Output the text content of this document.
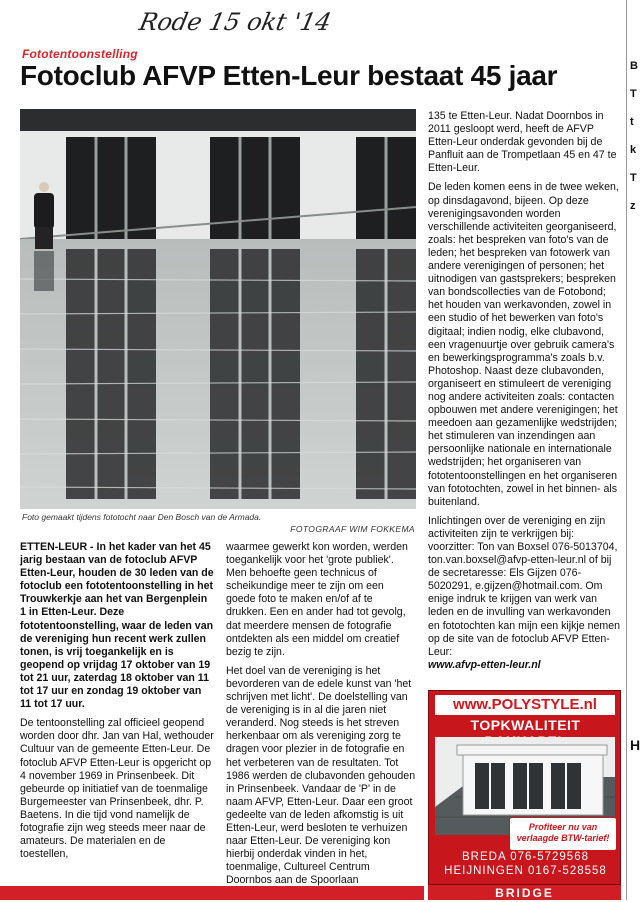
Rode 15 okt '14
Fototentoonstelling
Fotoclub AFVP Etten-Leur bestaat 45 jaar
Foto gemaakt tijdens fototocht naar Den Bosch van de Armada.
FOTOGRAAF WIM FOKKEMA

ETTEN-LEUR - In het kader van het 45 jarig bestaan van de fotoclub AFVP Etten-Leur, houden de 30 leden van de fotoclub een fototentoonstelling in het Trouwkerkje aan het van Bergenplein 1 in Etten-Leur. Deze fototentoonstelling, waar de leden van de vereniging hun recent werk zullen tonen, is vrij toegankelijk en is geopend op vrijdag 17 oktober van 19 tot 21 uur, zaterdag 18 oktober van 11 tot 17 uur en zondag 19 oktober van 11 tot 17 uur.

De tentoonstelling zal officieel geopend worden door dhr. Jan van Hal, wethouder Cultuur van de gemeente Etten-Leur. De fotoclub AFVP Etten-Leur is opgericht op 4 november 1969 in Prinsenbeek. Dit gebeurde op initiatief van de toenmalige Burgemeester van Prinsenbeek, dhr. P. Baetens. In die tijd vond namelijk de fotografie zijn weg steeds meer naar de amateurs. De materialen en de toestellen,

waarmee gewerkt kon worden, werden toegankelijk voor het 'grote publiek'. Men behoefte geen technicus of scheikundige meer te zijn om een goede foto te maken en/of af te drukken. Een en ander had tot gevolg, dat meerdere mensen de fotografie ontdekten als een middel om creatief bezig te zijn.

Het doel van de vereniging is het bevorderen van de edele kunst van 'het schrijven met licht'. De doelstelling van de vereniging is in al die jaren niet veranderd. Nog steeds is het streven herkenbaar om als vereniging zorg te dragen voor plezier in de fotografie en het verbeteren van de resultaten. Tot 1986 werden de clubavonden gehouden in Prinsenbeek. Vandaar de 'P' in de naam AFVP, Etten-Leur. Daar een groot gedeelte van de leden afkomstig is uit Etten-Leur, werd besloten te verhuizen naar Etten-Leur. De vereniging kon hierbij onderdak vinden in het, toenmalige, Cultureel Centrum Doornbos aan de Spoorlaan

135 te Etten-Leur. Nadat Doornbos in 2011 gesloopt werd, heeft de AFVP Etten-Leur onderdak gevonden bij de Panfluit aan de Trompetlaan 45 en 47 te Etten-Leur.

De leden komen eens in de twee weken, op dinsdagavond, bijeen. Op deze verenigingsavonden worden verschillende activiteiten georganiseerd, zoals: het bespreken van foto's van de leden; het bespreken van fotowerk van andere verenigingen of personen; het uitnodigen van gastsprekers; bespreken van bondscollecties van de Fotobond; het houden van werkavonden, zowel in een studio of het bewerken van foto's digitaal; indien nodig, elke clubavond, een vragenuurtje over gebruik camera's en bewerkingsprogramma's zoals b.v. Photoshop. Naast deze clubavonden, organiseert en stimuleert de vereniging nog andere activiteiten zoals: contacten opbouwen met andere verenigingen; het meedoen aan gezamenlijke wedstrijden; het stimuleren van inzendingen aan persoonlijke nationale en internationale wedstrijden; het organiseren van fototentoonstellingen en het organiseren van fototochten, zowel in het binnen- als buitenland.

Inlichtingen over de vereniging en zijn activiteiten zijn te verkrijgen bij: voorzitter: Ton van Boxsel 076-5013704, ton.van.boxsel@afvp-etten-leur.nl of bij de secretaresse: Els Gijzen 076-5020291, e.gijzen@hotmail.com. Om enige indruk te krijgen van werk van leden en de invulling van werkavonden en fototochten kan mijn een kijkje nemen op de site van de fotoclub AFVP Etten-Leur:

www.afvp-etten-leur.nl

www.POLYSTYLE.nl
TOPKWALITEIT
Profiteer nu van verlaagde BTW-tarief!
BREDA 076-5729568
HEIJNINGEN 0167-528558
BRIDGE
B
T
t
k
T
z
H
